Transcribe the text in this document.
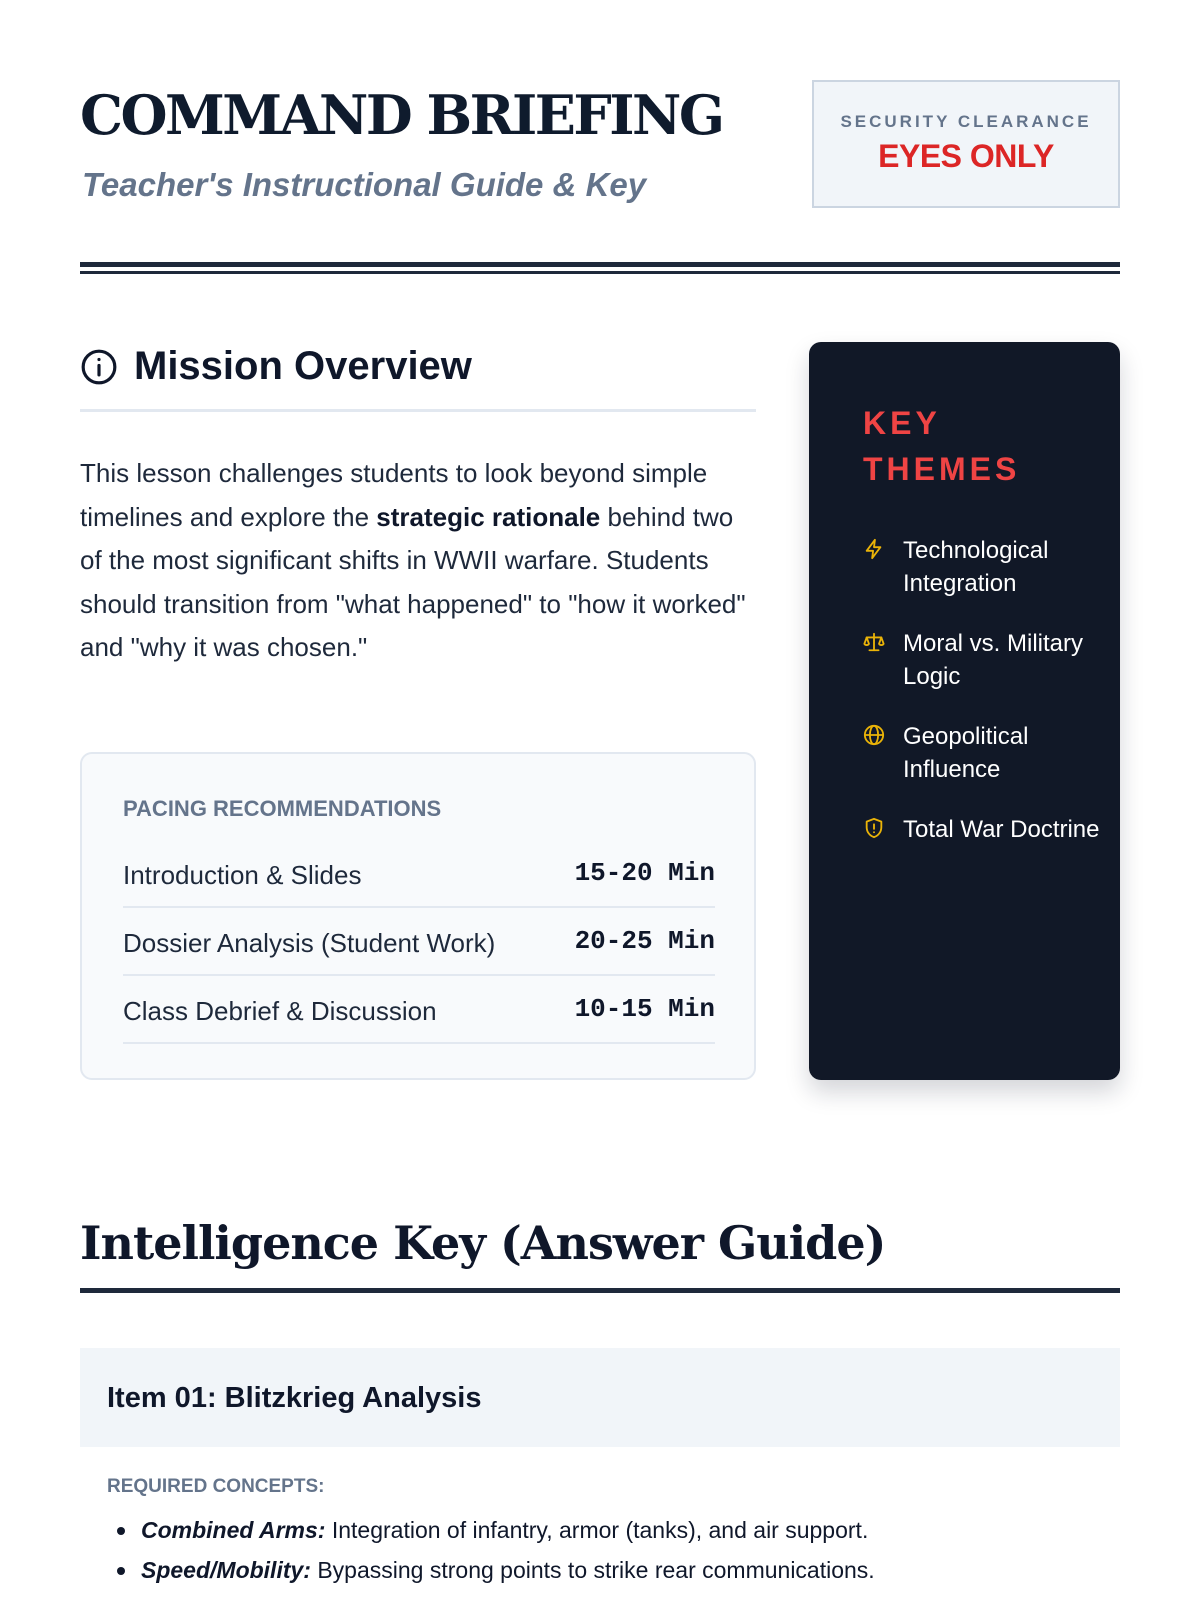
COMMAND BRIEFING
Teacher's Instructional Guide & Key
SECURITY CLEARANCE
EYES ONLY
Mission Overview

This lesson challenges students to look beyond simple timelines and explore the strategic rationale behind two of the most significant shifts in WWII warfare. Students should transition from "what happened" to "how it worked" and "why it was chosen."

PACING RECOMMENDATIONS
Introduction & Slides	15-20 Min
Dossier Analysis (Student Work)	20-25 Min
Class Debrief & Discussion	10-15 Min
KEY THEMES
Technological Integration
Moral vs. Military Logic
Geopolitical Influence
Total War Doctrine
Intelligence Key (Answer Guide)
Item 01: Blitzkrieg Analysis
REQUIRED CONCEPTS:
Combined Arms: Integration of infantry, armor (tanks), and air support.
Speed/Mobility: Bypassing strong points to strike rear communications.
